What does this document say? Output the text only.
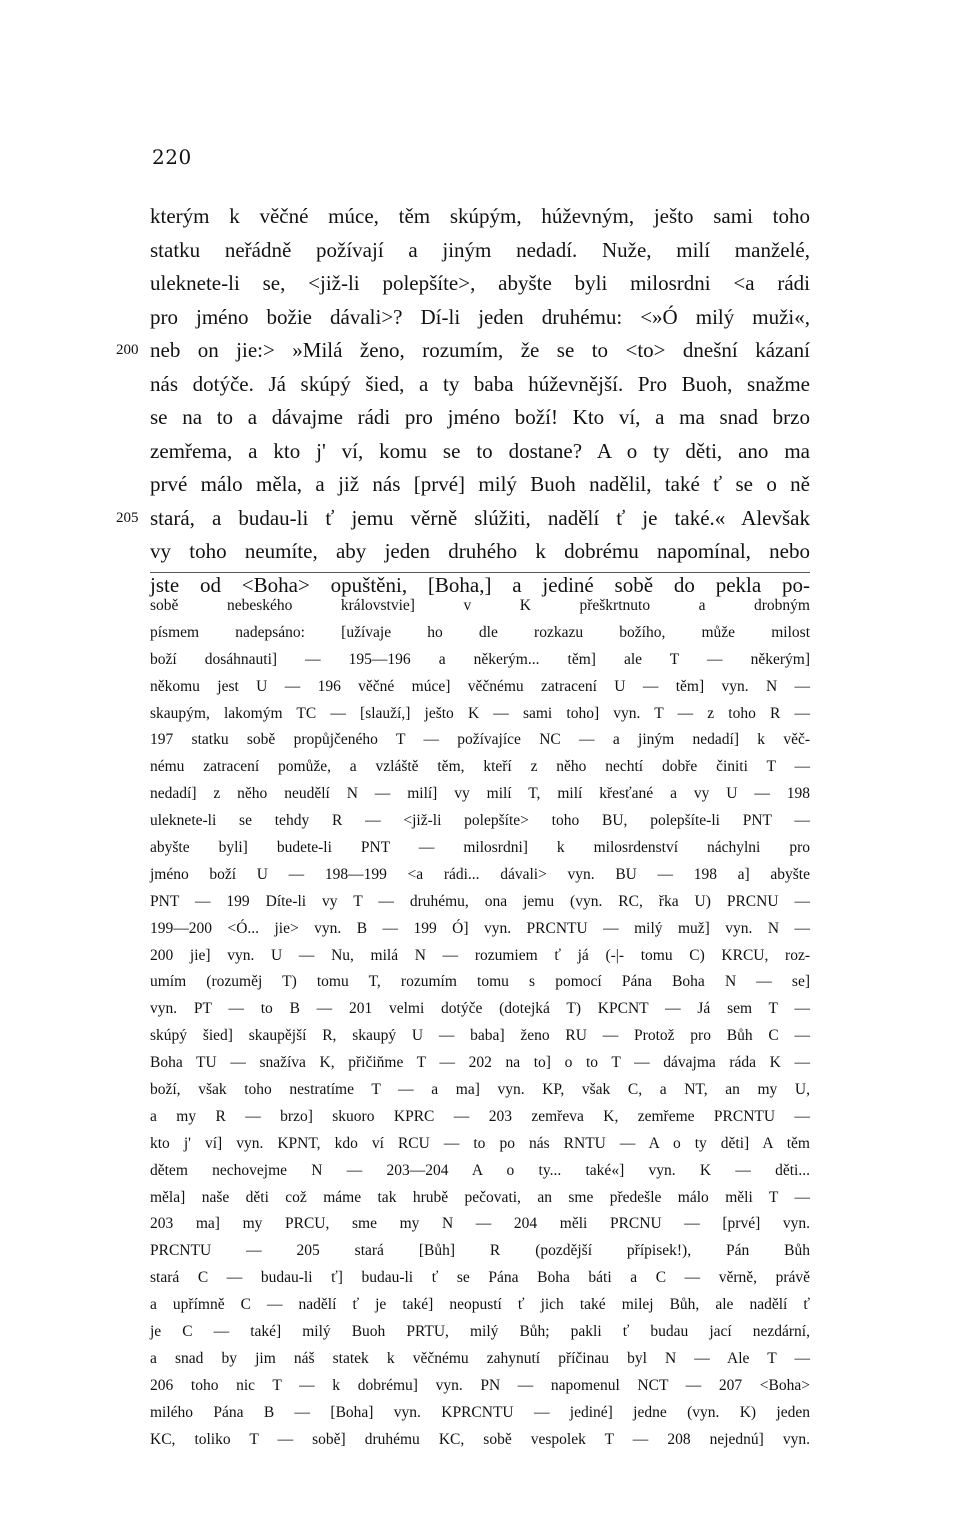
220
kterým k věčné múce, těm skúpým, húževným, ješto sami toho
statku neřádně požívají a jiným nedadí. Nuže, milí manželé,
uleknete-li se, <již-li polepšíte>, abyšte byli milosrdni <a rádi
pro jméno božie dávali>? Dí-li jeden druhému: <»Ó milý muži«,
200 neb on jie:> »Milá ženo, rozumím, že se to <to> dnešní kázaní
nás dotýče. Já skúpý šied, a ty baba húževnější. Pro Buoh, snažme
se na to a dávajme rádi pro jméno boží! Kto ví, a ma snad brzo
zemřema, a kto j' ví, komu se to dostane? A o ty děti, ano ma
prvé málo měla, a již nás [prvé] milý Buoh nadělil, také ť se o ně
205 stará, a budau-li ť jemu věrně slúžiti, nadělí ť je také.« Alevšak
vy toho neumíte, aby jeden druhého k dobrému napomínal, nebo
jste od <Boha> opuštěni, [Boha,] a jediné sobě do pekla po-
sobě nebeského královstvie] v K přeškrtnuto a drobným
písmem nadepsáno: [užívaje ho dle rozkazu božího, může milost
boží dosáhnauti] — 195—196 a někerým... těm] ale T — někerým]
někomu jest U — 196 věčné múce] věčnému zatracení U — těm] vyn. N —
skaupým, lakomým TC — [slauží,] ješto K — sami toho] vyn. T — z toho R —
197 statku sobě propůjčeného T — požívajíce NC — a jiným nedadí] k věč-
nému zatracení pomůže, a vzláště těm, kteří z něho nechtí dobře činiti T —
nedadí] z něho neudělí N — milí] vy milí T, milí křesťané a vy U — 198
uleknete-li se tehdy R — <již-li polepšíte> toho BU, polepšíte-li PNT —
abyšte byli] budete-li PNT — milosrdni] k milosrdenství náchylni pro
jméno boží U — 198—199 <a rádi... dávali> vyn. BU — 198 a] abyšte
PNT — 199 Díte-li vy T — druhému, ona jemu (vyn. RC, řka U) PRCNU —
199—200 <Ó... jie> vyn. B — 199 Ó] vyn. PRCNTU — milý muž] vyn. N —
200 jie] vyn. U — Nu, milá N — rozumiem ť já (-|- tomu C) KRCU, roz-
umím (rozuměj T) tomu T, rozumím tomu s pomocí Pána Boha N — se]
vyn. PT — to B — 201 velmi dotýče (dotejká T) KPCNT — Já sem T —
skúpý šied] skaupější R, skaupý U — baba] ženo RU — Protož pro Bůh C —
Boha TU — snažíva K, přičiňme T — 202 na to] o to T — dávajma ráda K —
boží, však toho nestratíme T — a ma] vyn. KP, však C, a NT, an my U,
a my R — brzo] skuoro KPRC — 203 zemřeva K, zemřeme PRCNTU —
kto j' ví] vyn. KPNT, kdo ví RCU — to po nás RNTU — A o ty děti] A těm
dětem nechovejme N — 203—204 A o ty... také«] vyn. K — děti...
měla] naše děti což máme tak hrubě pečovati, an sme předešle málo měli T —
203 ma] my PRCU, sme my N — 204 měli PRCNU — [prvé] vyn.
PRCNTU — 205 stará [Bůh] R (pozdější přípisek!), Pán Bůh
stará C — budau-li ť] budau-li ť se Pána Boha báti a C — věrně, právě
a upřímně C — nadělí ť je také] neopustí ť jich také milej Bůh, ale nadělí ť
je C — také] milý Buoh PRTU, milý Bůh; pakli ť budau jací nezdární,
a snad by jim náš statek k věčnému zahynutí příčinau byl N — Ale T —
206 toho nic T — k dobrému] vyn. PN — napomenul NCT — 207 <Boha>
milého Pána B — [Boha] vyn. KPRCNTU — jediné] jedne (vyn. K) jeden
KC, toliko T — sobě] druhému KC, sobě vespolek T — 208 nejednú] vyn.
